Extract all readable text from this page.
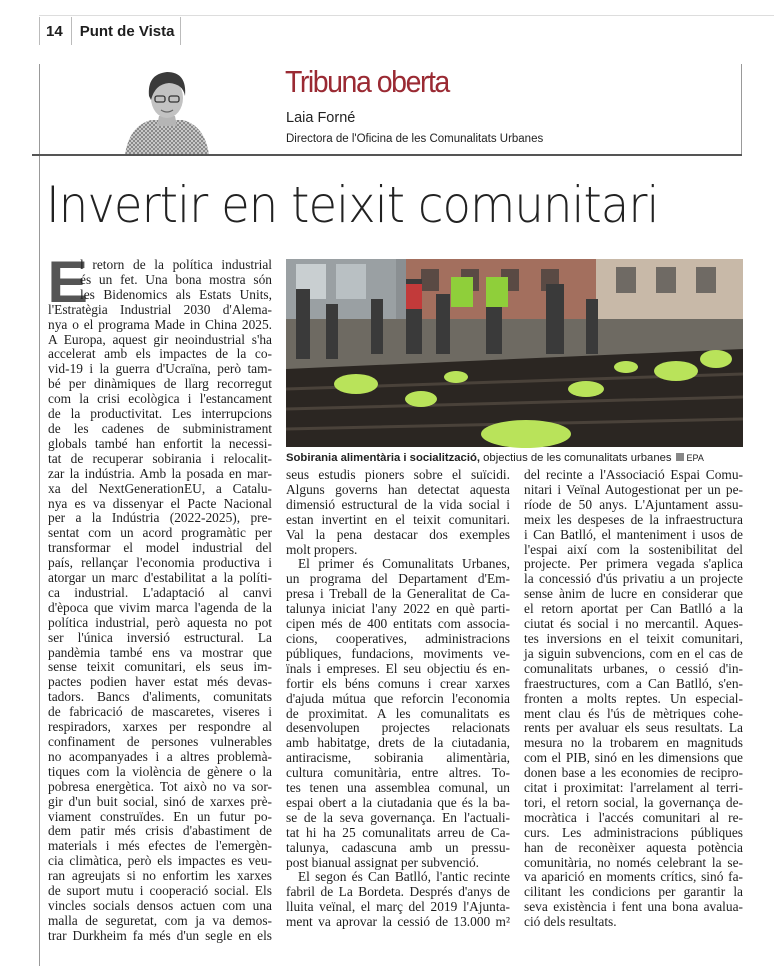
14	Punt de Vista
Tribuna oberta
Laia Forné
Directora de l'Oficina de les Comunalitats Urbanes
Invertir en teixit comunitari
E
Sobirania alimentària i socialització, objectius de les comunalitats urbanes EPA
l retorn de la política industrial
és un fet. Una bona mostra són
les Bidenomics als Estats Units,
l'Estratègia Industrial 2030 d'Alema-
nya o el programa Made in China 2025.
A Europa, aquest gir neoindustrial s'ha
accelerat amb els impactes de la co-
vid-19 i la guerra d'Ucraïna, però tam-
bé per dinàmiques de llarg recorregut
com la crisi ecològica i l'estancament
de la productivitat. Les interrupcions
de les cadenes de subministrament
globals també han enfortit la necessi-
tat de recuperar sobirania i relocalit-
zar la indústria. Amb la posada en mar-
xa del NextGenerationEU, a Catalu-
nya es va dissenyar el Pacte Nacional
per a la Indústria (2022-2025), pre-
sentat com un acord programàtic per
transformar el model industrial del
país, rellançar l'economia productiva i
atorgar un marc d'estabilitat a la políti-
ca industrial. L'adaptació al canvi
d'època que vivim marca l'agenda de la
política industrial, però aquesta no pot
ser l'única inversió estructural. La
pandèmia també ens va mostrar que
sense teixit comunitari, els seus im-
pactes podien haver estat més devas-
tadors. Bancs d'aliments, comunitats
de fabricació de mascaretes, viseres i
respiradors, xarxes per respondre al
confinament de persones vulnerables
no acompanyades i a altres problemà-
tiques com la violència de gènere o la
pobresa energètica. Tot això no va sor-
gir d'un buit social, sinó de xarxes prè-
viament construïdes. En un futur po-
dem patir més crisis d'abastiment de
materials i més efectes de l'emergèn-
cia climàtica, però els impactes es veu-
ran agreujats si no enfortim les xarxes
de suport mutu i cooperació social. Els
vincles socials densos actuen com una
malla de seguretat, com ja va demos-
trar Durkheim fa més d'un segle en els
seus estudis pioners sobre el suïcidi.
Alguns governs han detectat aquesta
dimensió estructural de la vida social i
estan invertint en el teixit comunitari.
Val la pena destacar dos exemples
molt propers.
El primer és Comunalitats Urbanes,
un programa del Departament d'Em-
presa i Treball de la Generalitat de Ca-
talunya iniciat l'any 2022 en què parti-
cipen més de 400 entitats com associa-
cions, cooperatives, administracions
públiques, fundacions, moviments ve-
ïnals i empreses. El seu objectiu és en-
fortir els béns comuns i crear xarxes
d'ajuda mútua que reforcin l'economia
de proximitat. A les comunalitats es
desenvolupen projectes relacionats
amb habitatge, drets de la ciutadania,
antiracisme, sobirania alimentària,
cultura comunitària, entre altres. To-
tes tenen una assemblea comunal, un
espai obert a la ciutadania que és la ba-
se de la seva governança. En l'actuali-
tat hi ha 25 comunalitats arreu de Ca-
talunya, cadascuna amb un pressu-
post bianual assignat per subvenció.
El segon és Can Batlló, l'antic recinte
fabril de La Bordeta. Després d'anys de
lluita veïnal, el març del 2019 l'Ajunta-
ment va aprovar la cessió de 13.000 m²
del recinte a l'Associació Espai Comu-
nitari i Veïnal Autogestionat per un pe-
ríode de 50 anys. L'Ajuntament assu-
meix les despeses de la infraestructura
i Can Batlló, el manteniment i usos de
l'espai així com la sostenibilitat del
projecte. Per primera vegada s'aplica
la concessió d'ús privatiu a un projecte
sense ànim de lucre en considerar que
el retorn aportat per Can Batlló a la
ciutat és social i no mercantil. Aques-
tes inversions en el teixit comunitari,
ja siguin subvencions, com en el cas de
comunalitats urbanes, o cessió d'in-
fraestructures, com a Can Batlló, s'en-
fronten a molts reptes. Un especial-
ment clau és l'ús de mètriques cohe-
rents per avaluar els seus resultats. La
mesura no la trobarem en magnituds
com el PIB, sinó en les dimensions que
donen base a les economies de recipro-
citat i proximitat: l'arrelament al terri-
tori, el retorn social, la governança de-
mocràtica i l'accés comunitari al re-
curs. Les administracions públiques
han de reconèixer aquesta potència
comunitària, no només celebrant la se-
va aparició en moments crítics, sinó fa-
cilitant les condicions per garantir la
seva existència i fent una bona avalua-
ció dels resultats.
